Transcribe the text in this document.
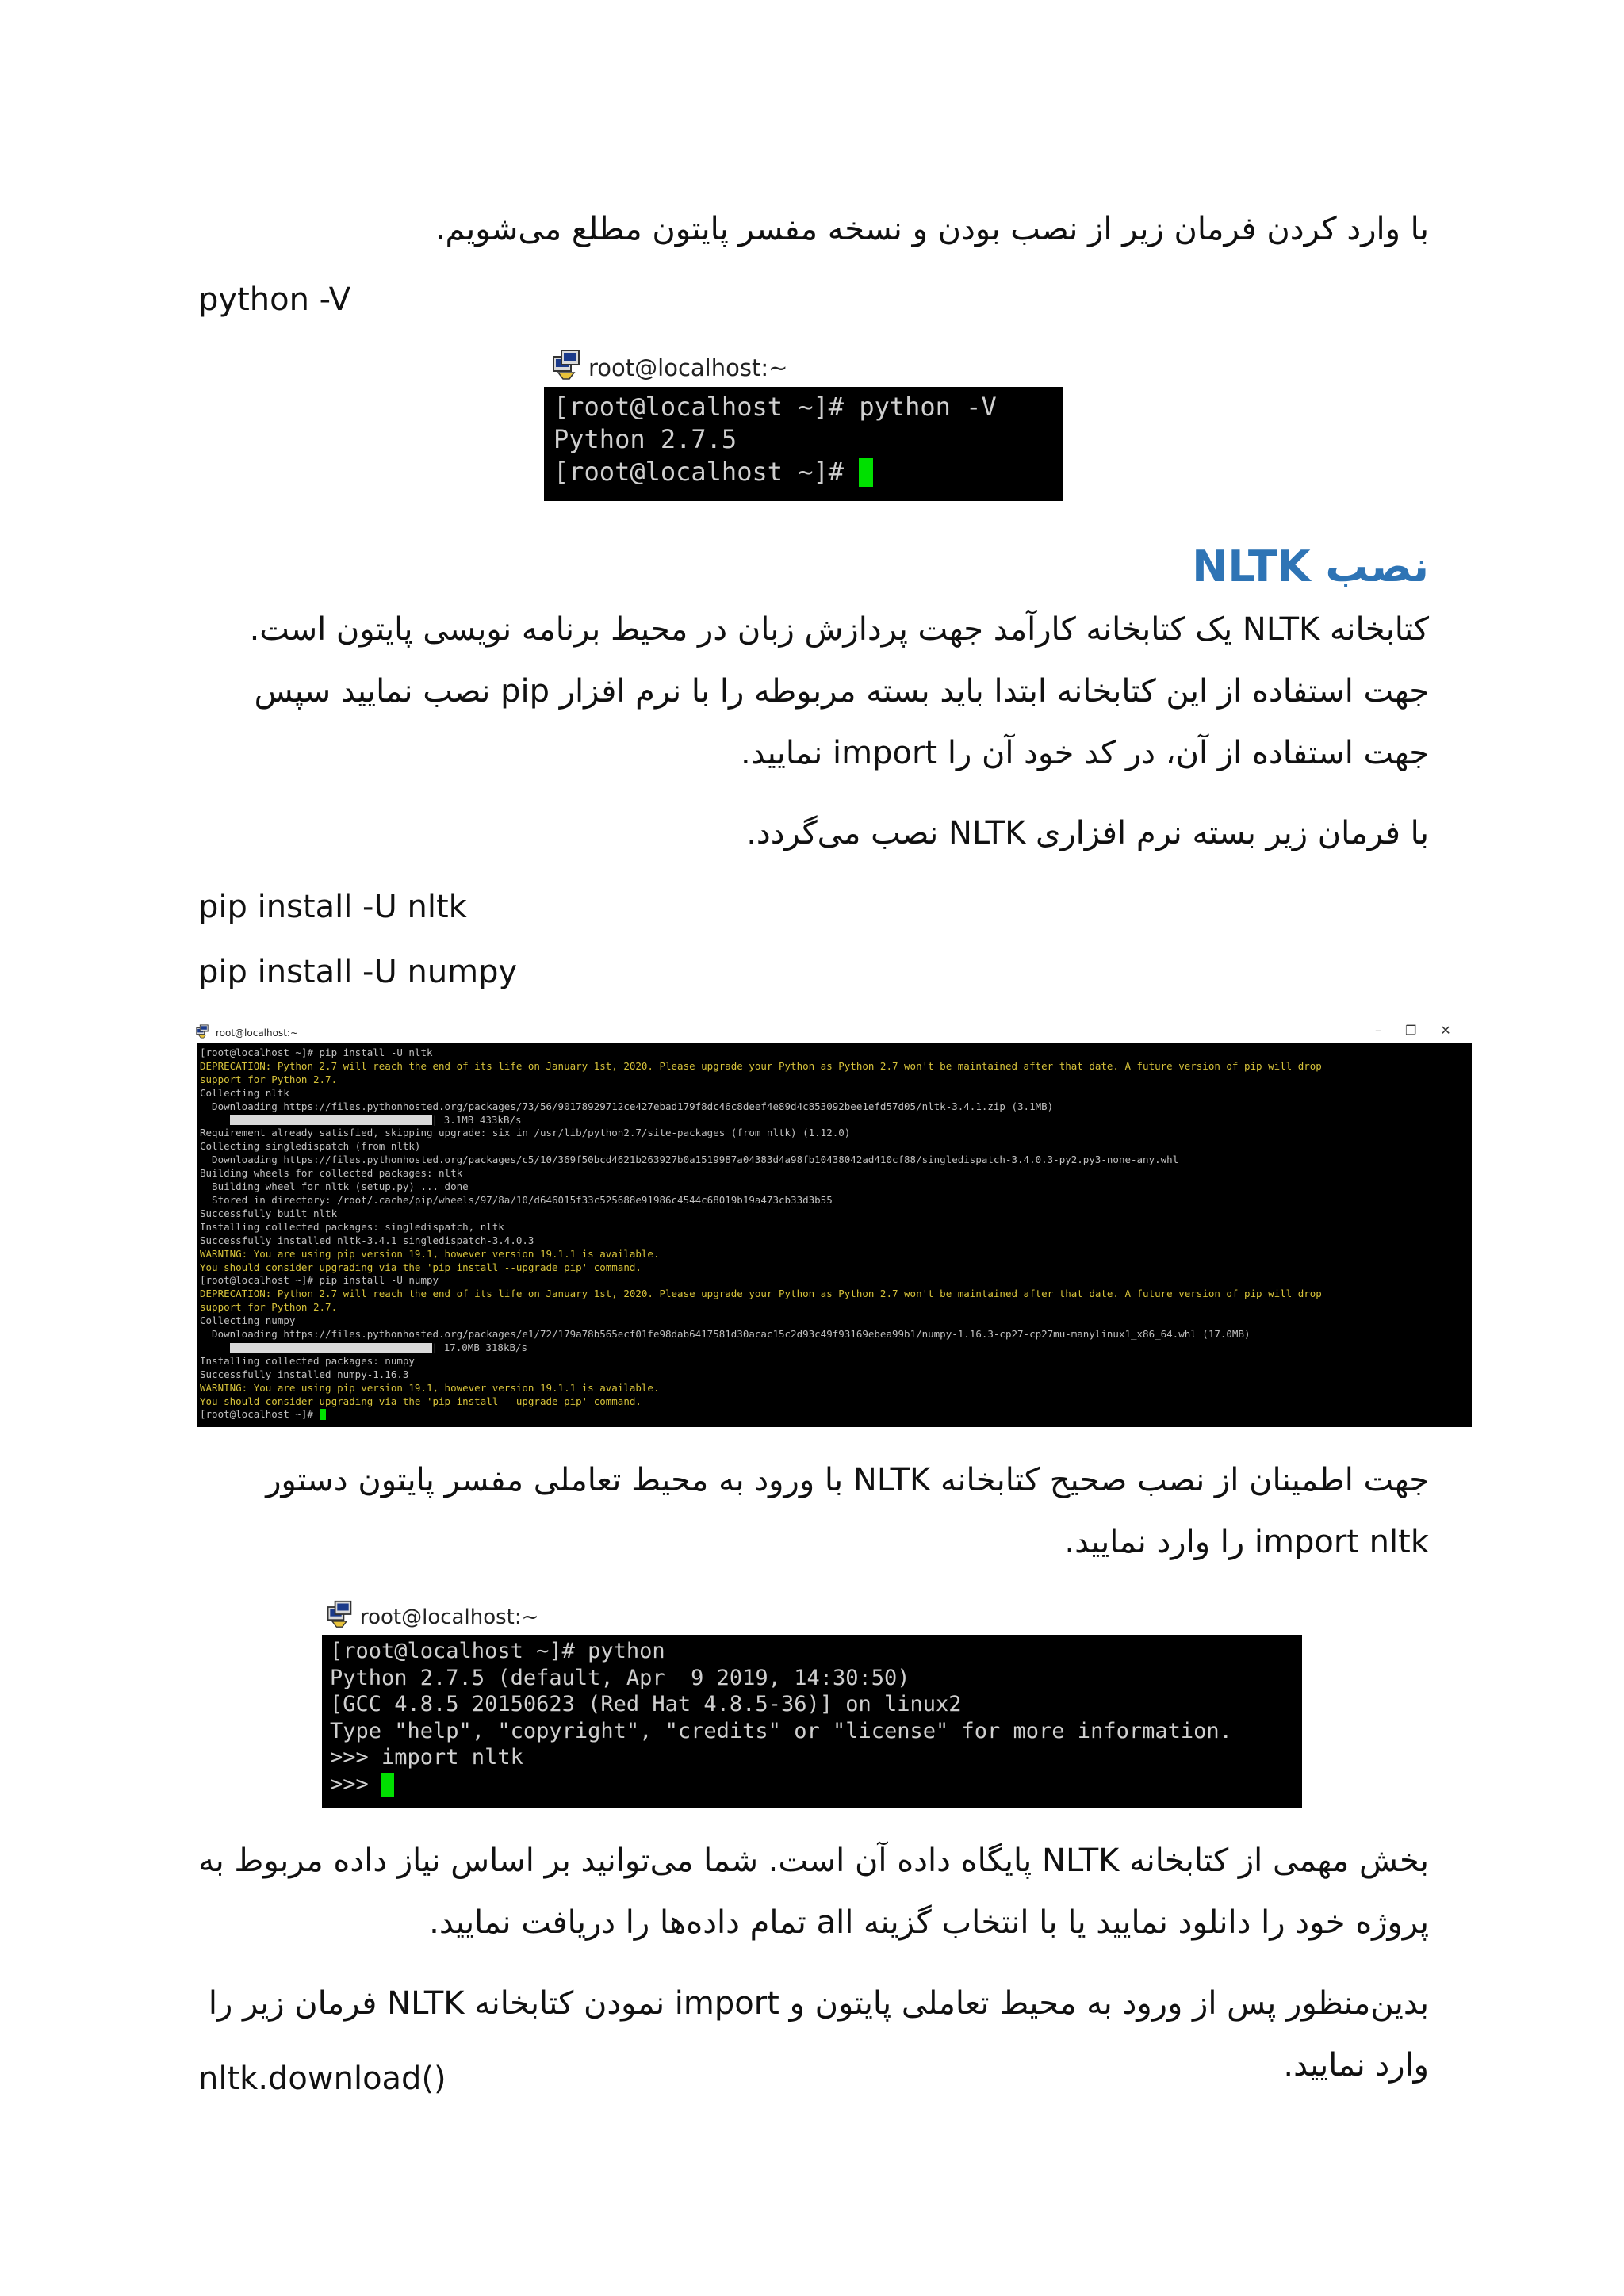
با وارد کردن فرمان زیر از نصب بودن و نسخه مفسر پایتون مطلع می‌شویم.

python -V

root@localhost:~
[root@localhost ~]# python -V
Python 2.7.5
[root@localhost ~]#
نصب NLTK

کتابخانه NLTK یک کتابخانه کارآمد جهت پردازش زبان در محیط برنامه نویسی پایتون است. جهت استفاده از این کتابخانه ابتدا باید بسته مربوطه را با نرم افزار pip نصب نمایید سپس جهت استفاده از آن، در کد خود آن را import نمایید.

با فرمان زیر بسته نرم افزاری NLTK نصب می‌گردد.

pip install -U nltk

pip install -U numpy

root@localhost:~	– ❐ ✕
[root@localhost ~]# pip install -U nltk
DEPRECATION: Python 2.7 will reach the end of its life on January 1st, 2020. Please upgrade your Python as Python 2.7 won't be maintained after that date. A future version of pip will drop
support for Python 2.7.
Collecting nltk
Downloading https://files.pythonhosted.org/packages/73/56/90178929712ce427ebad179f8dc46c8deef4e89d4c853092bee1efd57d05/nltk-3.4.1.zip (3.1MB)
| 3.1MB 433kB/s
Requirement already satisfied, skipping upgrade: six in /usr/lib/python2.7/site-packages (from nltk) (1.12.0)
Collecting singledispatch (from nltk)
Downloading https://files.pythonhosted.org/packages/c5/10/369f50bcd4621b263927b0a1519987a04383d4a98fb10438042ad410cf88/singledispatch-3.4.0.3-py2.py3-none-any.whl
Building wheels for collected packages: nltk
Building wheel for nltk (setup.py) ... done
Stored in directory: /root/.cache/pip/wheels/97/8a/10/d646015f33c525688e91986c4544c68019b19a473cb33d3b55
Successfully built nltk
Installing collected packages: singledispatch, nltk
Successfully installed nltk-3.4.1 singledispatch-3.4.0.3
WARNING: You are using pip version 19.1, however version 19.1.1 is available.
You should consider upgrading via the 'pip install --upgrade pip' command.
[root@localhost ~]# pip install -U numpy
DEPRECATION: Python 2.7 will reach the end of its life on January 1st, 2020. Please upgrade your Python as Python 2.7 won't be maintained after that date. A future version of pip will drop
support for Python 2.7.
Collecting numpy
Downloading https://files.pythonhosted.org/packages/e1/72/179a78b565ecf01fe98dab6417581d30acac15c2d93c49f93169ebea99b1/numpy-1.16.3-cp27-cp27mu-manylinux1_x86_64.whl (17.0MB)
| 17.0MB 318kB/s
Installing collected packages: numpy
Successfully installed numpy-1.16.3
WARNING: You are using pip version 19.1, however version 19.1.1 is available.
You should consider upgrading via the 'pip install --upgrade pip' command.
[root@localhost ~]#

جهت اطمینان از نصب صحیح کتابخانه NLTK با ورود به محیط تعاملی مفسر پایتون دستور import nltk را وارد نمایید.

root@localhost:~
[root@localhost ~]# python
Python 2.7.5 (default, Apr  9 2019, 14:30:50)
[GCC 4.8.5 20150623 (Red Hat 4.8.5-36)] on linux2
Type "help", "copyright", "credits" or "license" for more information.
>>> import nltk
>>>

بخش مهمی از کتابخانه NLTK پایگاه داده آن است. شما می‌توانید بر اساس نیاز داده مربوط به پروژه خود را دانلود نمایید یا با انتخاب گزینه all تمام داده‌ها را دریافت نمایید.

بدین‌منظور پس از ورود به محیط تعاملی پایتون و import نمودن کتابخانه NLTK فرمان زیر را وارد نمایید.

nltk.download()
